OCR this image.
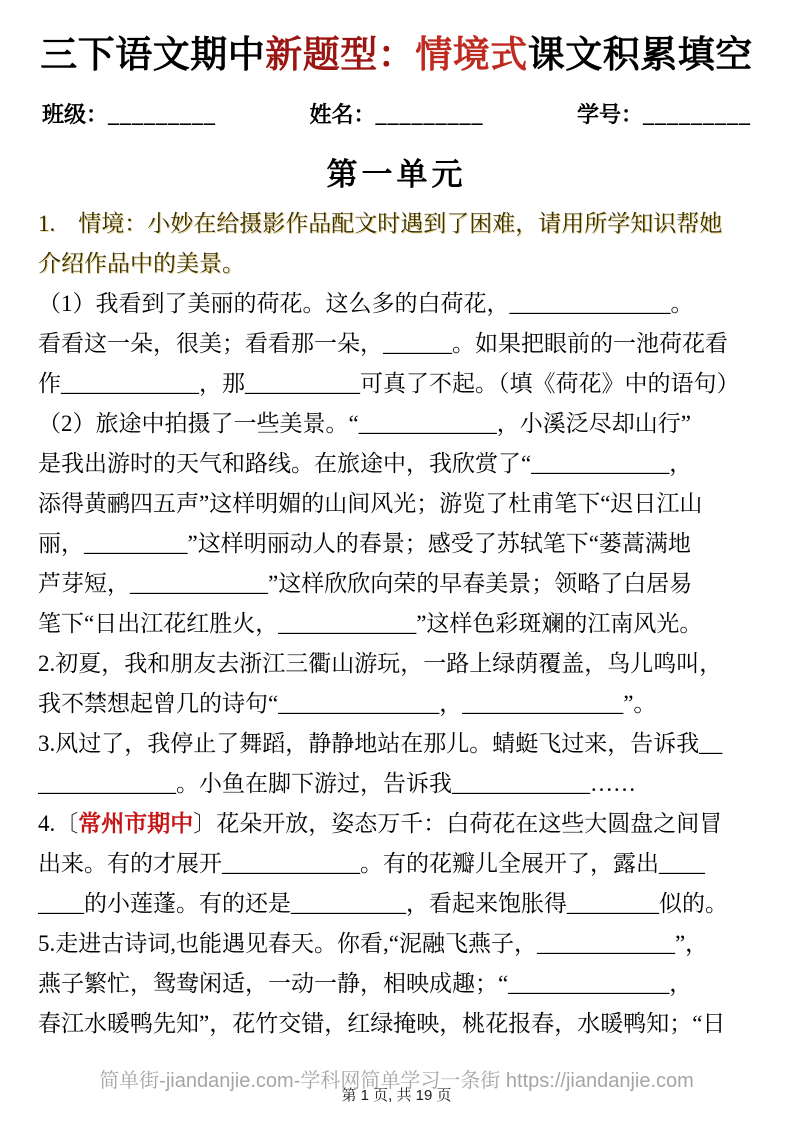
三下语文期中新题型：情境式课文积累填空
班级：_________	姓名：_________	学号：_________
第一单元
1.　情境：小妙在给摄影作品配文时遇到了困难，请用所学知识帮她
介绍作品中的美景。
（1）我看到了美丽的荷花。这么多的白荷花，______________。
看看这一朵，很美；看看那一朵，______。如果把眼前的一池荷花看
作____________，那__________可真了不起。（填《荷花》中的语句）
（2）旅途中拍摄了一些美景。“____________，小溪泛尽却山行”
是我出游时的天气和路线。在旅途中，我欣赏了“____________，
添得黄鹂四五声”这样明媚的山间风光；游览了杜甫笔下“迟日江山
丽，_________”这样明丽动人的春景；感受了苏轼笔下“蒌蒿满地
芦芽短，____________”这样欣欣向荣的早春美景；领略了白居易
笔下“日出江花红胜火，____________”这样色彩斑斓的江南风光。
2.初夏，我和朋友去浙江三衢山游玩，一路上绿荫覆盖，鸟儿鸣叫，
我不禁想起曾几的诗句“______________，______________”。
3.风过了，我停止了舞蹈，静静地站在那儿。蜻蜓飞过来，告诉我__
____________。小鱼在脚下游过，告诉我____________……
4.〔常州市期中〕花朵开放，姿态万千：白荷花在这些大圆盘之间冒
出来。有的才展开____________。有的花瓣儿全展开了，露出____
____的小莲蓬。有的还是__________，看起来饱胀得________似的。
5.走进古诗词,也能遇见春天。你看,“泥融飞燕子，____________”，
燕子繁忙，鸳鸯闲适，一动一静，相映成趣；“______________，
春江水暖鸭先知”，花竹交错，红绿掩映，桃花报春，水暖鸭知；“日
简单街-jiandanjie.com-学科网简单学习一条街 https://jiandanjie.com
第 1 页, 共 19 页
